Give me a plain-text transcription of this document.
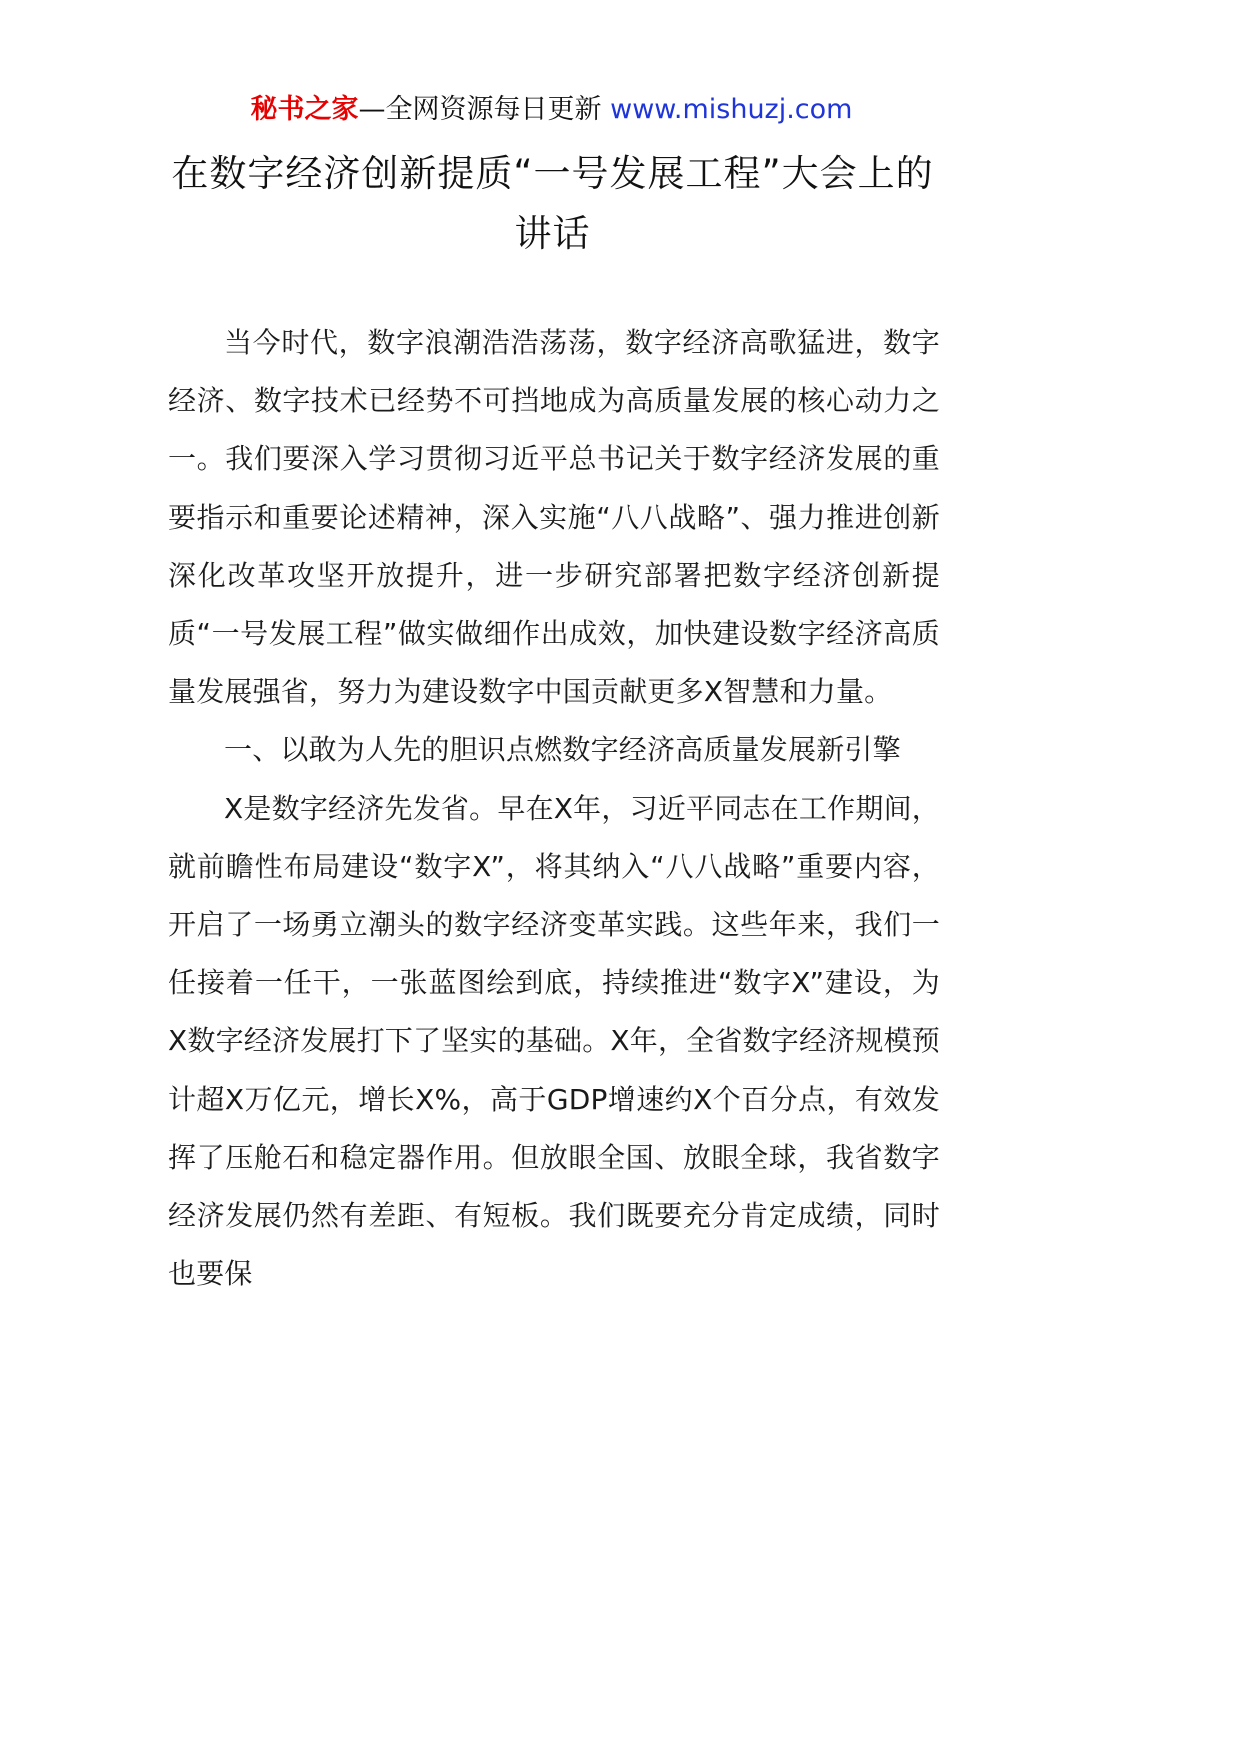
秘书之家—全网资源每日更新 www.mishuzj.com
在数字经济创新提质“一号发展工程”大会上的讲话

当今时代，数字浪潮浩浩荡荡，数字经济高歌猛进，数字经济、数字技术已经势不可挡地成为高质量发展的核心动力之一。我们要深入学习贯彻习近平总书记关于数字经济发展的重要指示和重要论述精神，深入实施“八八战略”、强力推进创新深化改革攻坚开放提升，进一步研究部署把数字经济创新提质“一号发展工程”做实做细作出成效，加快建设数字经济高质量发展强省，努力为建设数字中国贡献更多X智慧和力量。

一、以敢为人先的胆识点燃数字经济高质量发展新引擎

X是数字经济先发省。早在X年，习近平同志在工作期间，就前瞻性布局建设“数字X”，将其纳入“八八战略”重要内容，开启了一场勇立潮头的数字经济变革实践。这些年来，我们一任接着一任干，一张蓝图绘到底，持续推进“数字X”建设，为X数字经济发展打下了坚实的基础。X年，全省数字经济规模预计超X万亿元，增长X%，高于GDP增速约X个百分点，有效发挥了压舱石和稳定器作用。但放眼全国、放眼全球，我省数字经济发展仍然有差距、有短板。我们既要充分肯定成绩，同时也要保
